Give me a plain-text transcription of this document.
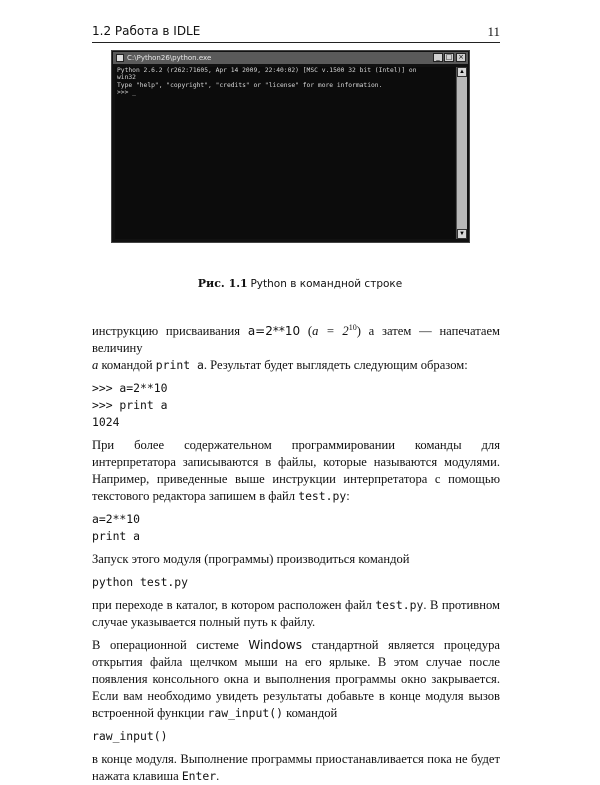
1.2 Работа в IDLE	11
C:\Python26\python.exe	_ □ ×
Python 2.6.2 (r262:71605, Apr 14 2009, 22:40:02) [MSC v.1500 32 bit (Intel)] on
win32
Type "help", "copyright", "credits" or "license" for more information.
>>> _
▲
▼
Рис. 1.1 Python в командной строке

инструкцию присваивания a=2**10 $(a = 2^{10})$ а затем — напечатаем величину
a командой print a. Результат будет выглядеть следующим образом:

>>> a=2**10
>>> print a
1024

При более содержательном программировании команды для интерпретатора записываются в файлы, которые называются модулями. Например, приведенные выше инструкции интерпретатора с помощью текстового редактора запишем в файл test.py:

a=2**10
print a

Запуск этого модуля (программы) производиться командой

python test.py

при переходе в каталог, в котором расположен файл test.py. В противном случае указывается полный путь к файлу.

В операционной системе Windows стандартной является процедура открытия файла щелчком мыши на его ярлыке. В этом случае после появления консольного окна и выполнения программы окно закрывается. Если вам необходимо увидеть результаты добавьте в конце модуля вызов встроенной функции raw_input() командой

raw_input()

в конце модуля. Выполнение программы приостанавливается пока не будет нажата клавиша Enter.
